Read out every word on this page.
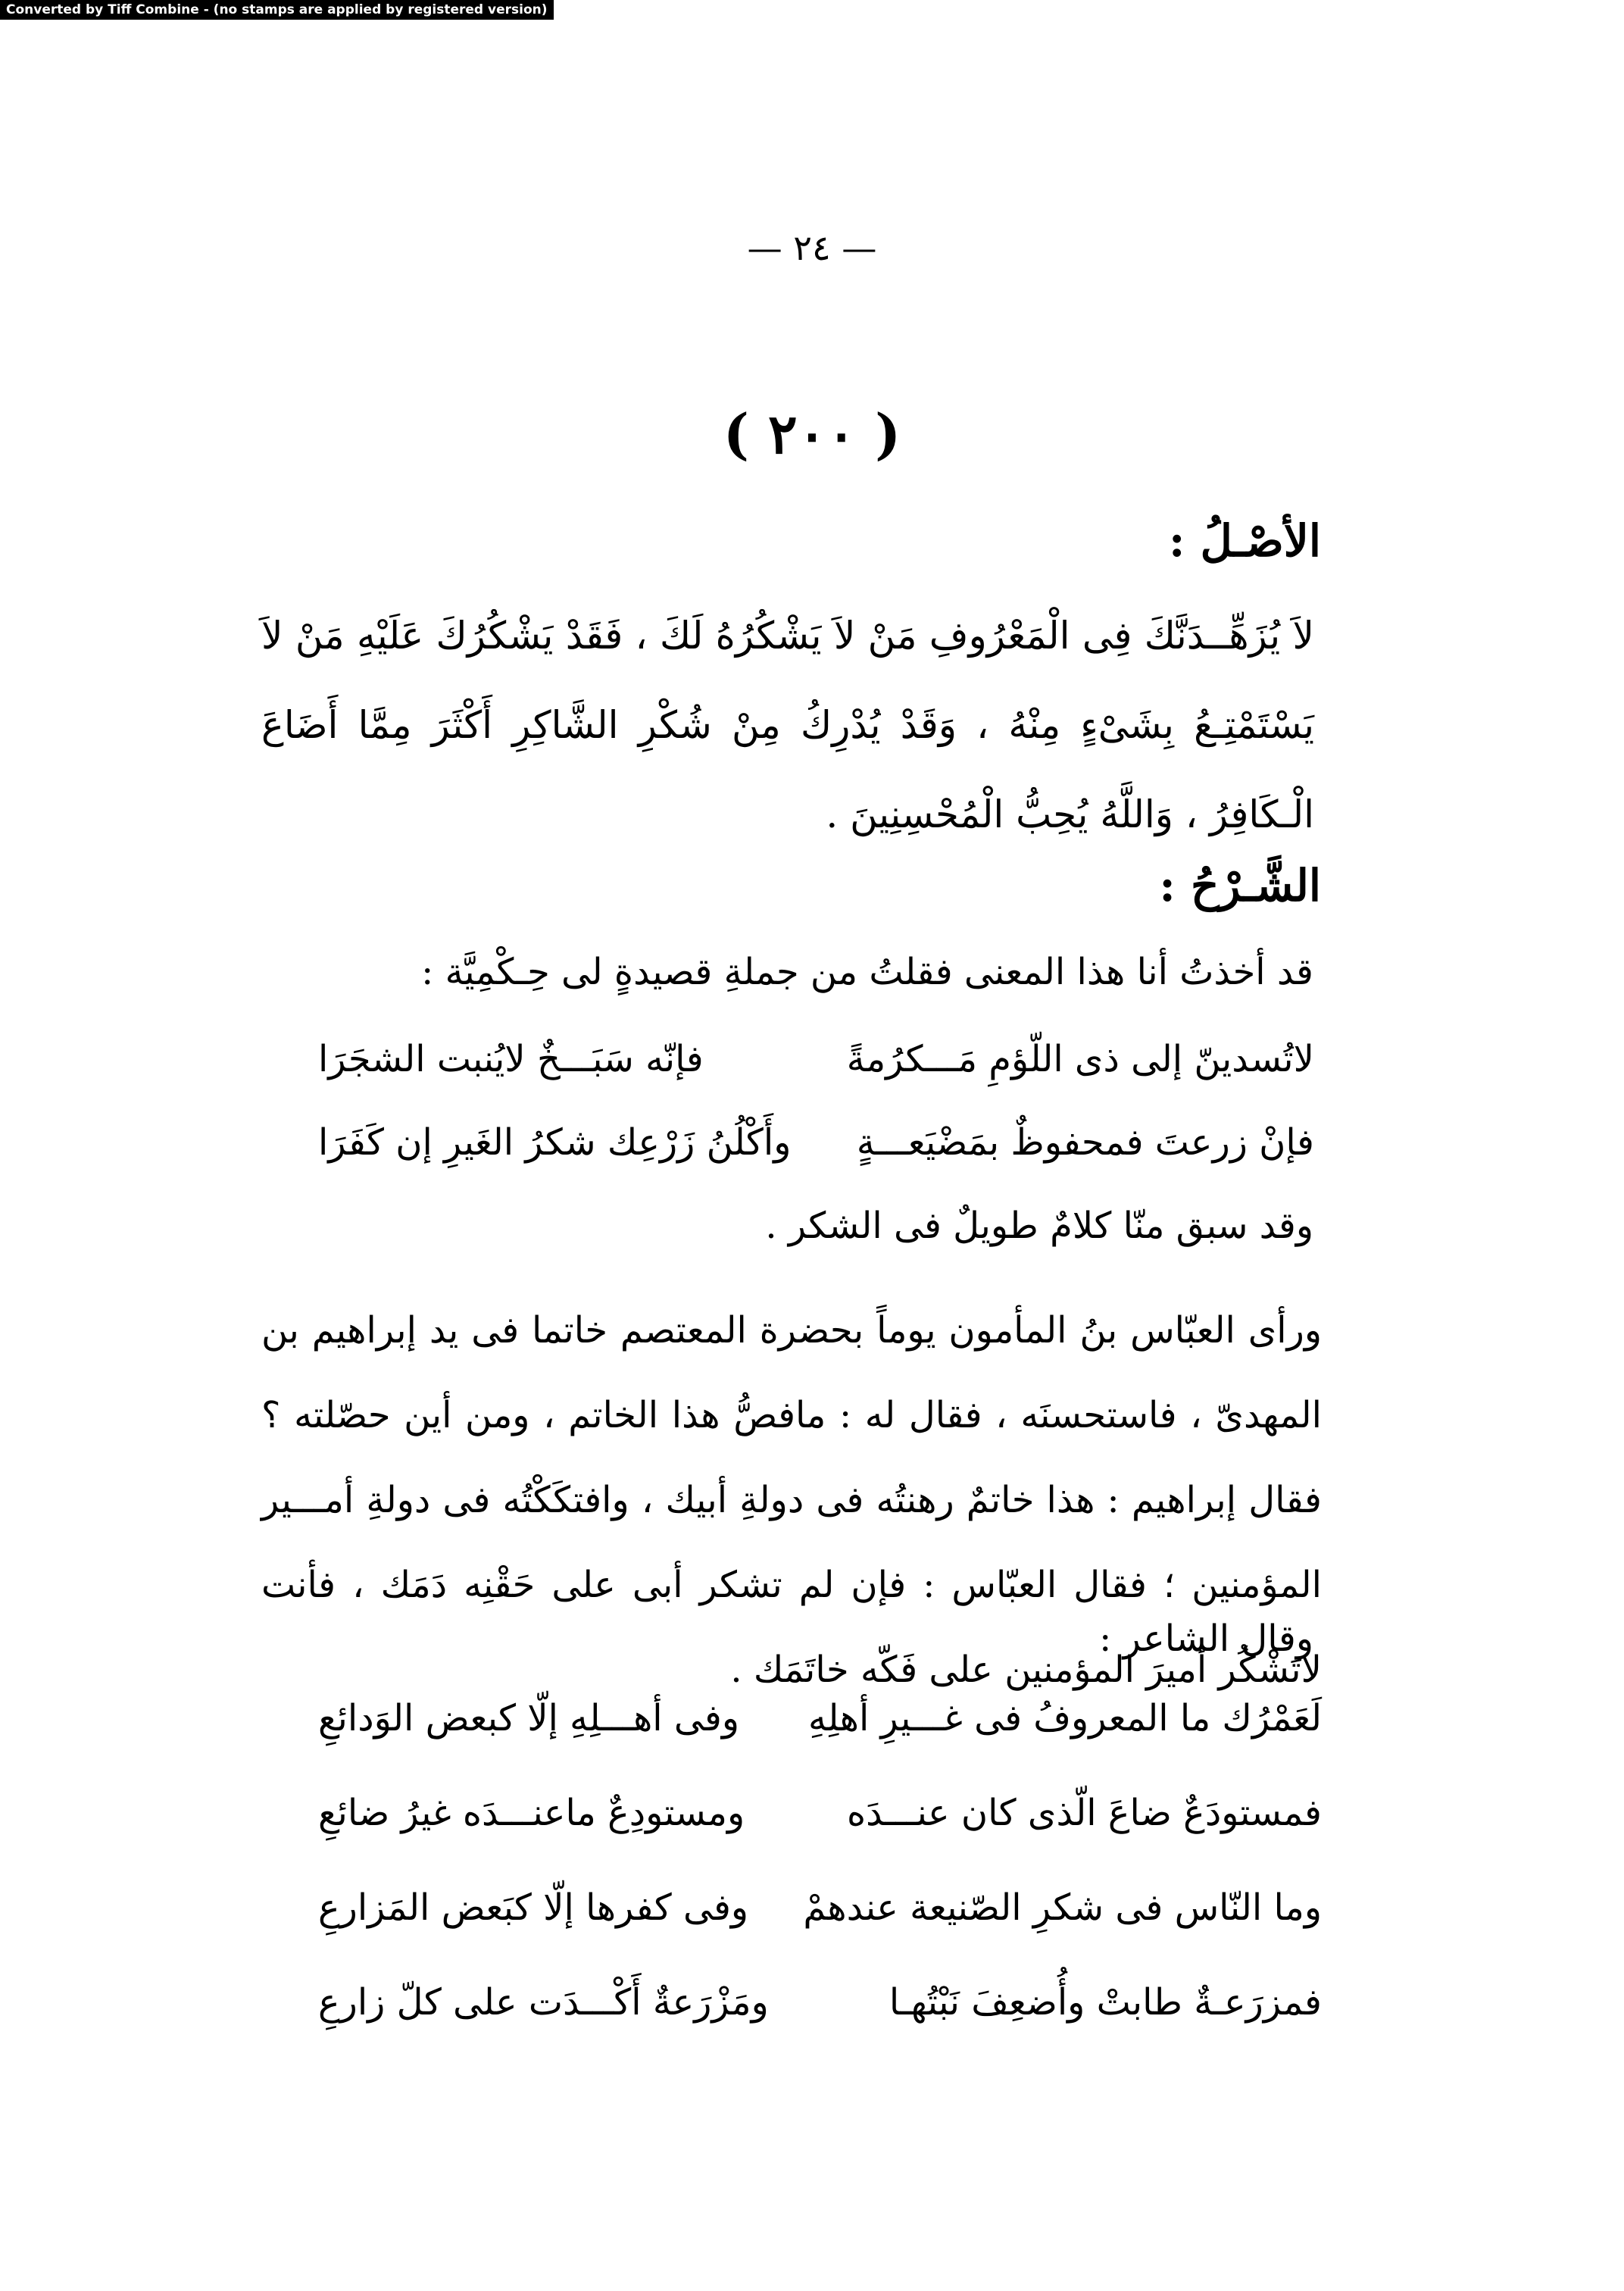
Converted by Tiff Combine - (no stamps are applied by registered version)
— ٢٤ —
( ٢٠٠ )
الأصْـلُ :

لاَ يُزَهِّــدَنَّكَ فِى الْمَعْرُوفِ مَنْ لاَ يَشْكُرُهُ لَكَ ، فَقَدْ يَشْكُرُكَ عَلَيْهِ مَنْ لاَ يَسْتَمْتِـعُ بِشَىْءٍ مِنْهُ ، وَقَدْ يُدْرِكُ مِنْ شُكْرِ الشَّاكِرِ أَكْثَرَ مِمَّا أَضَاعَ الْـكَافِرُ ، وَاللَّهُ يُحِبُّ الْمُحْسِنِينَ .

الشَّـرْحُ :
قد أخذتُ أنا هذا المعنى فقلتُ من جملةِ قصيدةٍ لى حِـكْمِيَّة :
لاتُسدينّ إلى ذى اللّؤمِ مَـــكرُمةً
فإنّه سَبَـــخٌ لايُنبت الشجَرَا
فإنْ زرعتَ فمحفوظٌ بمَضْيَعـــةٍ
وأَكْلُنُ زَرْعِك شكرُ الغَيرِ إن كَفَرَا
وقد سبق منّا كلامٌ طويلٌ فى الشكر .

ورأى العبّاس بنُ المأمون يوماً بحضرة المعتصم خاتما فى يد إبراهيم بن المهدىّ ، فاستحسنَه ، فقال له : مافصُّ هذا الخاتم ، ومن أين حصّلته ؟ فقال إبراهيم : هذا خاتمٌ رهنتُه فى دولةِ أبيك ، وافتكَكْتُه فى دولةِ أمـــير المؤمنين ؛ فقال العبّاس : فإن لم تشكر أبى على حَقْنِه دَمَك ، فأنت لاتَشْكُر أميرَ المؤمنين على فَكّه خاتَمَك .

وقال الشاعر :
لَعَمْرُك ما المعروفُ فى غـــيرِ أهلِهِ
وفى أهـــلِهِ إلّا كبعض الوَدائعِ
فمستودَعٌ ضاعَ الّذى كان عنـــدَه
ومستودِعٌ ماعنـــدَه غيرُ ضائعِ
وما النّاس فى شكرِ الصّنيعة عندهمْ
وفى كفرها إلّا كبَعض المَزارعِ
فمزرَعـةٌ طابتْ وأُضعِفَ نَبْتُهـا
ومَزْرَعةٌ أَكْـــدَت على كلّ زارعِ
